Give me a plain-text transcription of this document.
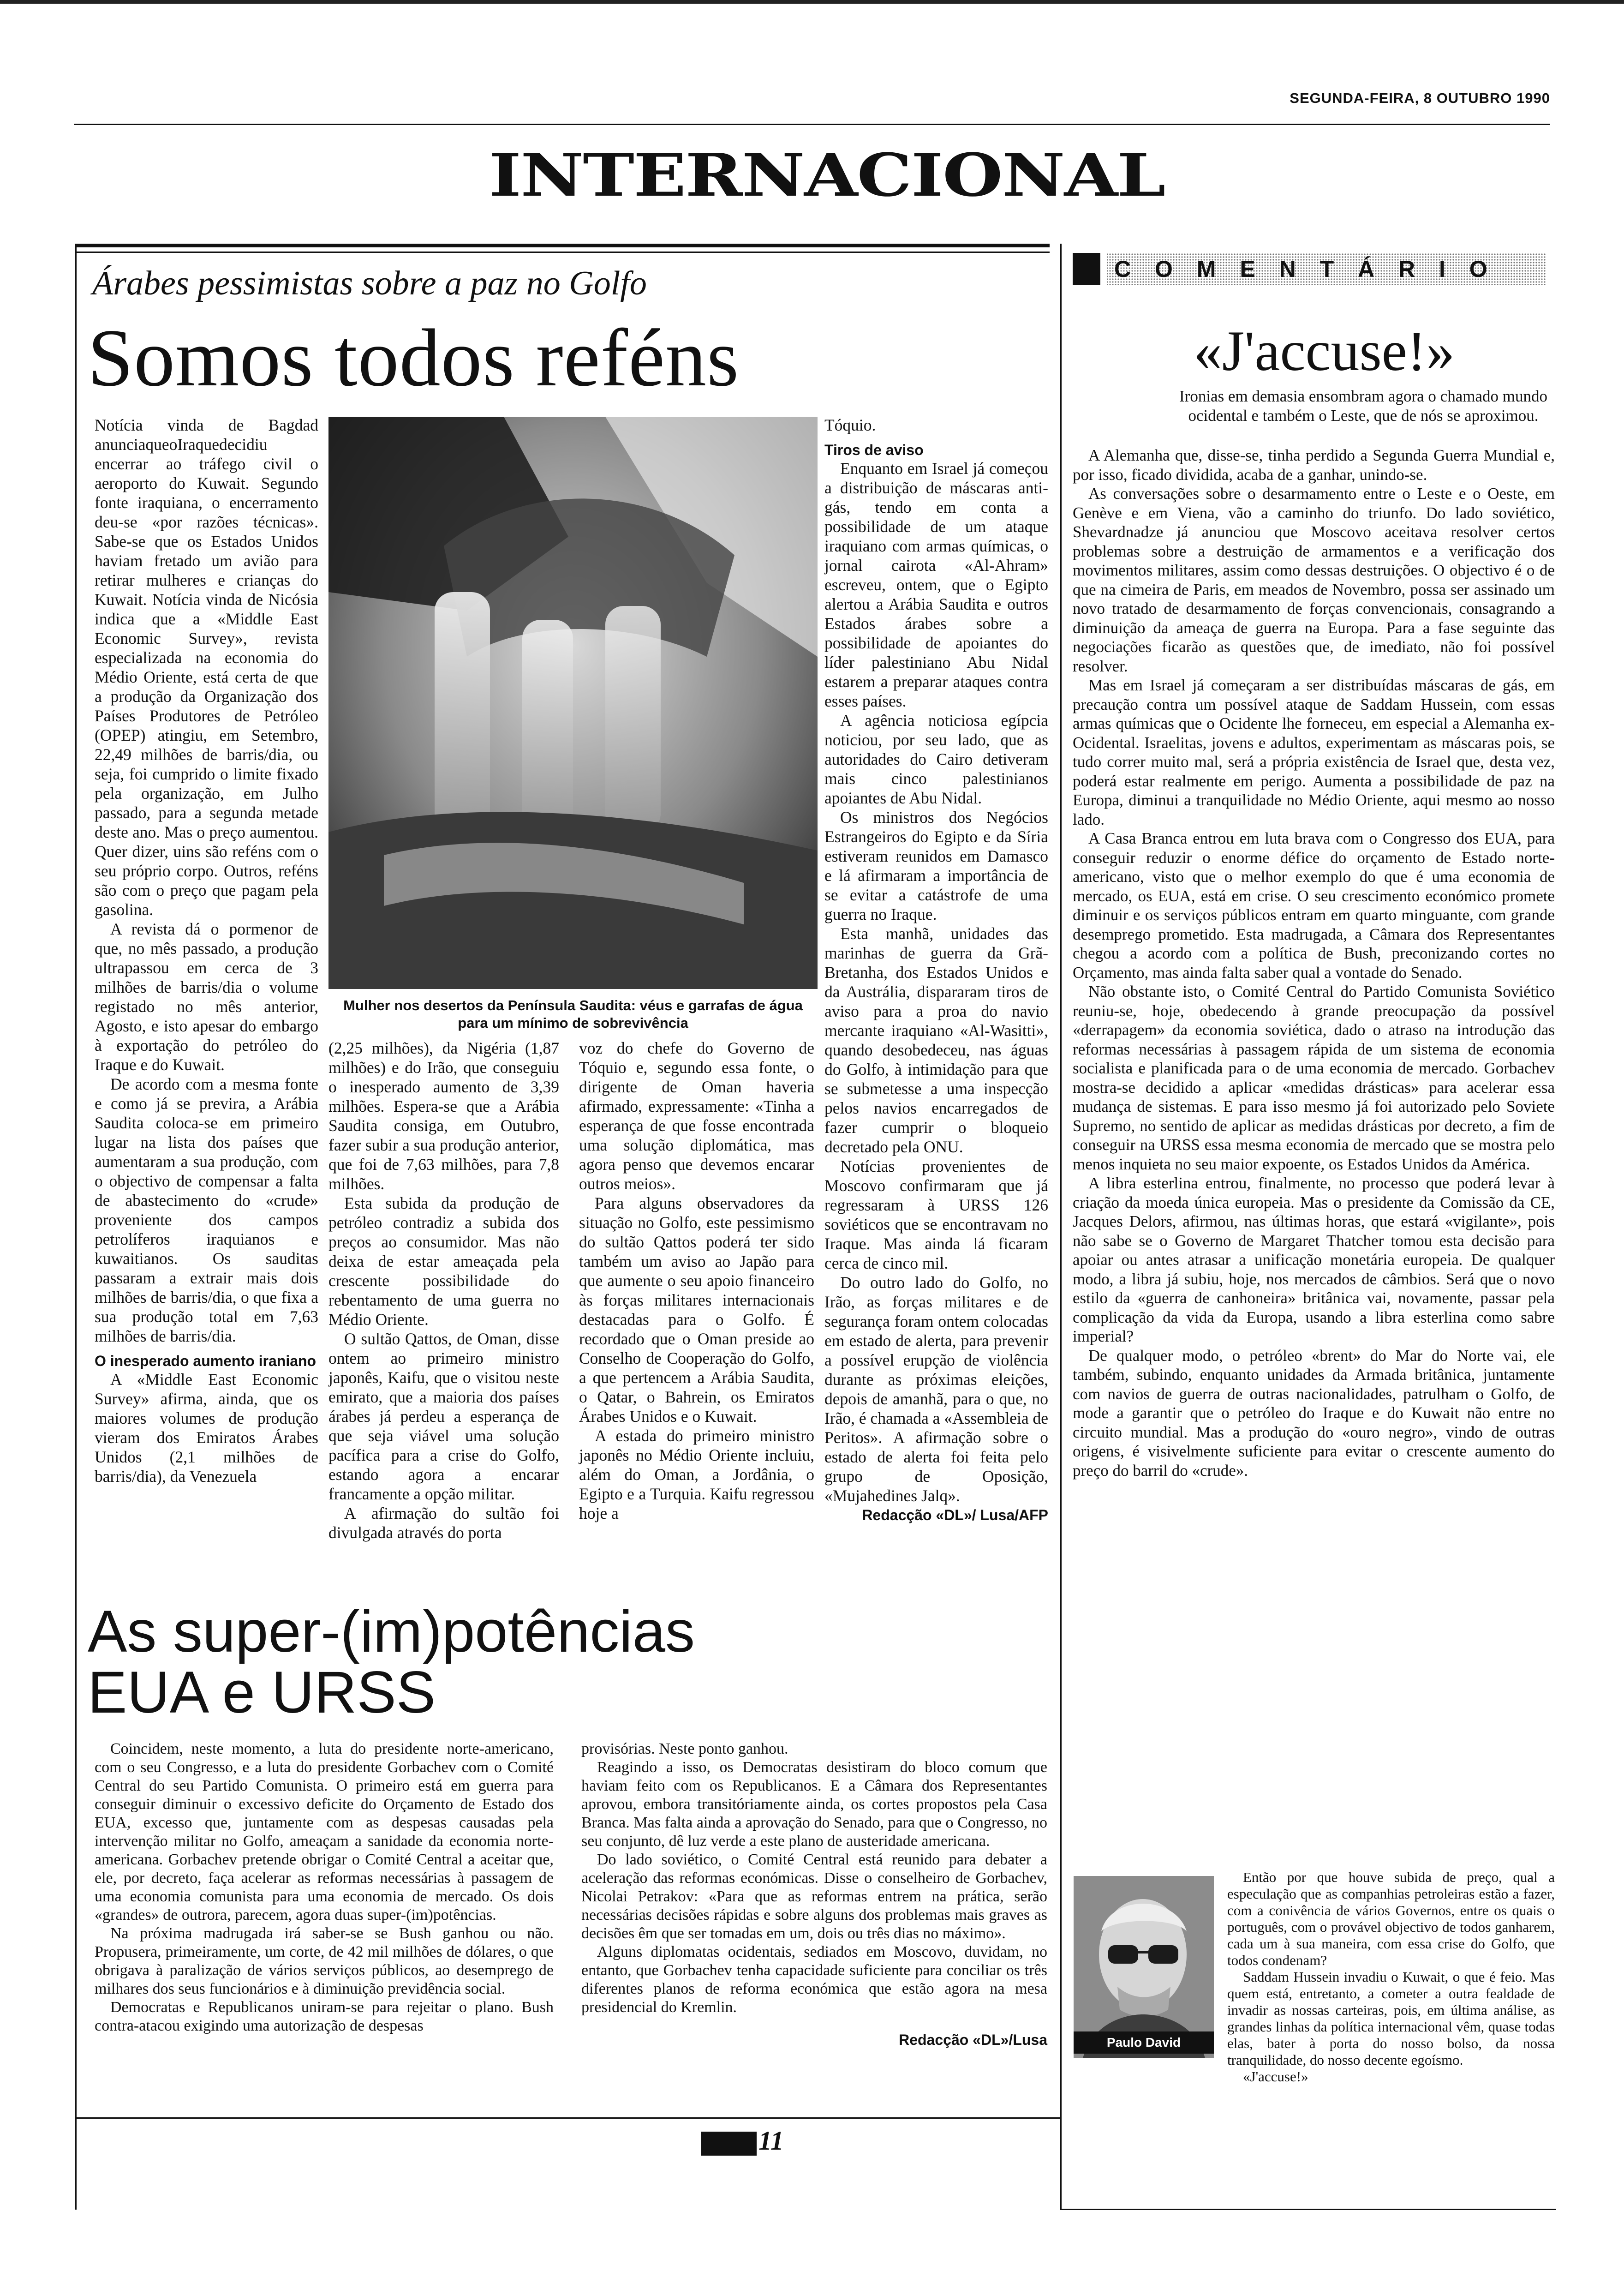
SEGUNDA-FEIRA, 8 OUTUBRO 1990
INTERNACIONAL
Árabes pessimistas sobre a paz no Golfo
Somos todos reféns

Notícia vinda de Bagdad anunciaqueoIraquedecidiu encerrar ao tráfego civil o aeroporto do Kuwait. Segundo fonte iraquiana, o encerramento deu-se «por razões técnicas». Sabe-se que os Estados Unidos haviam fretado um avião para retirar mulheres e crianças do Kuwait. Notícia vinda de Nicósia indica que a «Middle East Economic Survey», revista especializada na economia do Médio Oriente, está certa de que a produção da Organização dos Países Produtores de Petróleo (OPEP) atingiu, em Setembro, 22,49 milhões de barris/dia, ou seja, foi cumprido o limite fixado pela organização, em Julho passado, para a segunda metade deste ano. Mas o preço aumentou. Quer dizer, uins são reféns com o seu próprio corpo. Outros, reféns são com o preço que pagam pela gasolina.

A revista dá o pormenor de que, no mês passado, a produção ultrapassou em cerca de 3 milhões de barris/dia o volume registado no mês anterior, Agosto, e isto apesar do embargo à exportação do petróleo do Iraque e do Kuwait.

De acordo com a mesma fonte e como já se previra, a Arábia Saudita coloca-se em primeiro lugar na lista dos países que aumentaram a sua produção, com o objectivo de compensar a falta de abastecimento do «crude» proveniente dos campos petrolíferos iraquianos e kuwaitianos. Os sauditas passaram a extrair mais dois milhões de barris/dia, o que fixa a sua produção total em 7,63 milhões de barris/dia.

O inesperado aumento iraniano

A «Middle East Economic Survey» afirma, ainda, que os maiores volumes de produção vieram dos Emiratos Árabes Unidos (2,1 milhões de barris/dia), da Venezuela

Mulher nos desertos da Península Saudita: véus e garrafas de água para um mínimo de sobrevivência

(2,25 milhões), da Nigéria (1,87 milhões) e do Irão, que conseguiu o inesperado aumento de 3,39 milhões. Espera-se que a Arábia Saudita consiga, em Outubro, fazer subir a sua produção anterior, que foi de 7,63 milhões, para 7,8 milhões.

Esta subida da produção de petróleo contradiz a subida dos preços ao consumidor. Mas não deixa de estar ameaçada pela crescente possibilidade do rebentamento de uma guerra no Médio Oriente.

O sultão Qattos, de Oman, disse ontem ao primeiro ministro japonês, Kaifu, que o visitou neste emirato, que a maioria dos países árabes já perdeu a esperança de que seja viável uma solução pacífica para a crise do Golfo, estando agora a encarar francamente a opção militar.

A afirmação do sultão foi divulgada através do porta

voz do chefe do Governo de Tóquio e, segundo essa fonte, o dirigente de Oman haveria afirmado, expressamente: «Tinha a esperança de que fosse encontrada uma solução diplomática, mas agora penso que devemos encarar outros meios».

Para alguns observadores da situação no Golfo, este pessimismo do sultão Qattos poderá ter sido também um aviso ao Japão para que aumente o seu apoio financeiro às forças militares internacionais destacadas para o Golfo. É recordado que o Oman preside ao Conselho de Cooperação do Golfo, a que pertencem a Arábia Saudita, o Qatar, o Bahrein, os Emiratos Árabes Unidos e o Kuwait.

A estada do primeiro ministro japonês no Médio Oriente incluiu, além do Oman, a Jordânia, o Egipto e a Turquia. Kaifu regressou hoje a

Tóquio.

Tiros de aviso

Enquanto em Israel já começou a distribuição de máscaras anti-gás, tendo em conta a possibilidade de um ataque iraquiano com armas químicas, o jornal cairota «Al-Ahram» escreveu, ontem, que o Egipto alertou a Arábia Saudita e outros Estados árabes sobre a possibilidade de apoiantes do líder palestiniano Abu Nidal estarem a preparar ataques contra esses países.

A agência noticiosa egípcia noticiou, por seu lado, que as autoridades do Cairo detiveram mais cinco palestinianos apoiantes de Abu Nidal.

Os ministros dos Negócios Estrangeiros do Egipto e da Síria estiveram reunidos em Damasco e lá afirmaram a importância de se evitar a catástrofe de uma guerra no Iraque.

Esta manhã, unidades das marinhas de guerra da Grã-Bretanha, dos Estados Unidos e da Austrália, dispararam tiros de aviso para a proa do navio mercante iraquiano «Al-Wasitti», quando desobedeceu, nas águas do Golfo, à intimidação para que se submetesse a uma inspecção pelos navios encarregados de fazer cumprir o bloqueio decretado pela ONU.

Notícias provenientes de Moscovo confirmaram que já regressaram à URSS 126 soviéticos que se encontravam no Iraque. Mas ainda lá ficaram cerca de cinco mil.

Do outro lado do Golfo, no Irão, as forças militares e de segurança foram ontem colocadas em estado de alerta, para prevenir a possível erupção de violência durante as próximas eleições, depois de amanhã, para o que, no Irão, é chamada a «Assembleia de Peritos». A afirmação sobre o estado de alerta foi feita pelo grupo de Oposição, «Mujahedines Jalq».

Redacção «DL»/ Lusa/AFP

As super-(im)potências
EUA e URSS

Coincidem, neste momento, a luta do presidente norte-americano, com o seu Congresso, e a luta do presidente Gorbachev com o Comité Central do seu Partido Comunista. O primeiro está em guerra para conseguir diminuir o excessivo deficite do Orçamento de Estado dos EUA, excesso que, juntamente com as despesas causadas pela intervenção militar no Golfo, ameaçam a sanidade da economia norte-americana. Gorbachev pretende obrigar o Comité Central a aceitar que, ele, por decreto, faça acelerar as reformas necessárias à passagem de uma economia comunista para uma economia de mercado. Os dois «grandes» de outrora, parecem, agora duas super-(im)potências.

Na próxima madrugada irá saber-se se Bush ganhou ou não. Propusera, primeiramente, um corte, de 42 mil milhões de dólares, o que obrigava à paralização de vários serviços públicos, ao desemprego de milhares dos seus funcionários e à diminuição previdência social.

Democratas e Republicanos uniram-se para rejeitar o plano. Bush contra-atacou exigindo uma autorização de despesas

provisórias. Neste ponto ganhou.

Reagindo a isso, os Democratas desistiram do bloco comum que haviam feito com os Republicanos. E a Câmara dos Representantes aprovou, embora transitóriamente ainda, os cortes propostos pela Casa Branca. Mas falta ainda a aprovação do Senado, para que o Congresso, no seu conjunto, dê luz verde a este plano de austeridade americana.

Do lado soviético, o Comité Central está reunido para debater a aceleração das reformas económicas. Disse o conselheiro de Gorbachev, Nicolai Petrakov: «Para que as reformas entrem na prática, serão necessárias decisões rápidas e sobre alguns dos problemas mais graves as decisões êm que ser tomadas em um, dois ou três dias no máximo».

Alguns diplomatas ocidentais, sediados em Moscovo, duvidam, no entanto, que Gorbachev tenha capacidade suficiente para conciliar os três diferentes planos de reforma económica que estão agora na mesa presidencial do Kremlin.

Redacção «DL»/Lusa

C O M E N T Á R I O
«J'accuse!»

Ironias em demasia ensombram agora o chamado mundo ocidental e também o Leste, que de nós se aproximou.

A Alemanha que, disse-se, tinha perdido a Segunda Guerra Mundial e, por isso, ficado dividida, acaba de a ganhar, unindo-se.

As conversações sobre o desarmamento entre o Leste e o Oeste, em Genève e em Viena, vão a caminho do triunfo. Do lado soviético, Shevardnadze já anunciou que Moscovo aceitava resolver certos problemas sobre a destruição de armamentos e a verificação dos movimentos militares, assim como dessas destruições. O objectivo é o de que na cimeira de Paris, em meados de Novembro, possa ser assinado um novo tratado de desarmamento de forças convencionais, consagrando a diminuição da ameaça de guerra na Europa. Para a fase seguinte das negociações ficarão as questões que, de imediato, não foi possível resolver.

Mas em Israel já começaram a ser distribuídas máscaras de gás, em precaução contra um possível ataque de Saddam Hussein, com essas armas químicas que o Ocidente lhe forneceu, em especial a Alemanha ex-Ocidental. Israelitas, jovens e adultos, experimentam as máscaras pois, se tudo correr muito mal, será a própria existência de Israel que, desta vez, poderá estar realmente em perigo. Aumenta a possibilidade de paz na Europa, diminui a tranquilidade no Médio Oriente, aqui mesmo ao nosso lado.

A Casa Branca entrou em luta brava com o Congresso dos EUA, para conseguir reduzir o enorme défice do orçamento de Estado norte-americano, visto que o melhor exemplo do que é uma economia de mercado, os EUA, está em crise. O seu crescimento económico promete diminuir e os serviços públicos entram em quarto minguante, com grande desemprego prometido. Esta madrugada, a Câmara dos Representantes chegou a acordo com a política de Bush, preconizando cortes no Orçamento, mas ainda falta saber qual a vontade do Senado.

Não obstante isto, o Comité Central do Partido Comunista Soviético reuniu-se, hoje, obedecendo à grande preocupação da possível «derrapagem» da economia soviética, dado o atraso na introdução das reformas necessárias à passagem rápida de um sistema de economia socialista e planificada para o de uma economia de mercado. Gorbachev mostra-se decidido a aplicar «medidas drásticas» para acelerar essa mudança de sistemas. E para isso mesmo já foi autorizado pelo Soviete Supremo, no sentido de aplicar as medidas drásticas por decreto, a fim de conseguir na URSS essa mesma economia de mercado que se mostra pelo menos inquieta no seu maior expoente, os Estados Unidos da América.

A libra esterlina entrou, finalmente, no processo que poderá levar à criação da moeda única europeia. Mas o presidente da Comissão da CE, Jacques Delors, afirmou, nas últimas horas, que estará «vigilante», pois não sabe se o Governo de Margaret Thatcher tomou esta decisão para apoiar ou antes atrasar a unificação monetária europeia. De qualquer modo, a libra já subiu, hoje, nos mercados de câmbios. Será que o novo estilo da «guerra de canhoneira» britânica vai, novamente, passar pela complicação da vida da Europa, usando a libra esterlina como sabre imperial?

De qualquer modo, o petróleo «brent» do Mar do Norte vai, ele também, subindo, enquanto unidades da Armada britânica, juntamente com navios de guerra de outras nacionalidades, patrulham o Golfo, de mode a garantir que o petróleo do Iraque e do Kuwait não entre no circuito mundial. Mas a produção do «ouro negro», vindo de outras origens, é visivelmente suficiente para evitar o crescente aumento do preço do barril do «crude».

Então por que houve subida de preço, qual a especulação que as companhias petroleiras estão a fazer, com a conivência de vários Governos, entre os quais o português, com o provável objectivo de todos ganharem, cada um à sua maneira, com essa crise do Golfo, que todos condenam?

Saddam Hussein invadiu o Kuwait, o que é feio. Mas quem está, entretanto, a cometer a outra fealdade de invadir as nossas carteiras, pois, em última análise, as grandes linhas da política internacional vêm, quase todas elas, bater à porta do nosso bolso, da nossa tranquilidade, do nosso decente egoísmo.

«J'accuse!»

Paulo David
11
